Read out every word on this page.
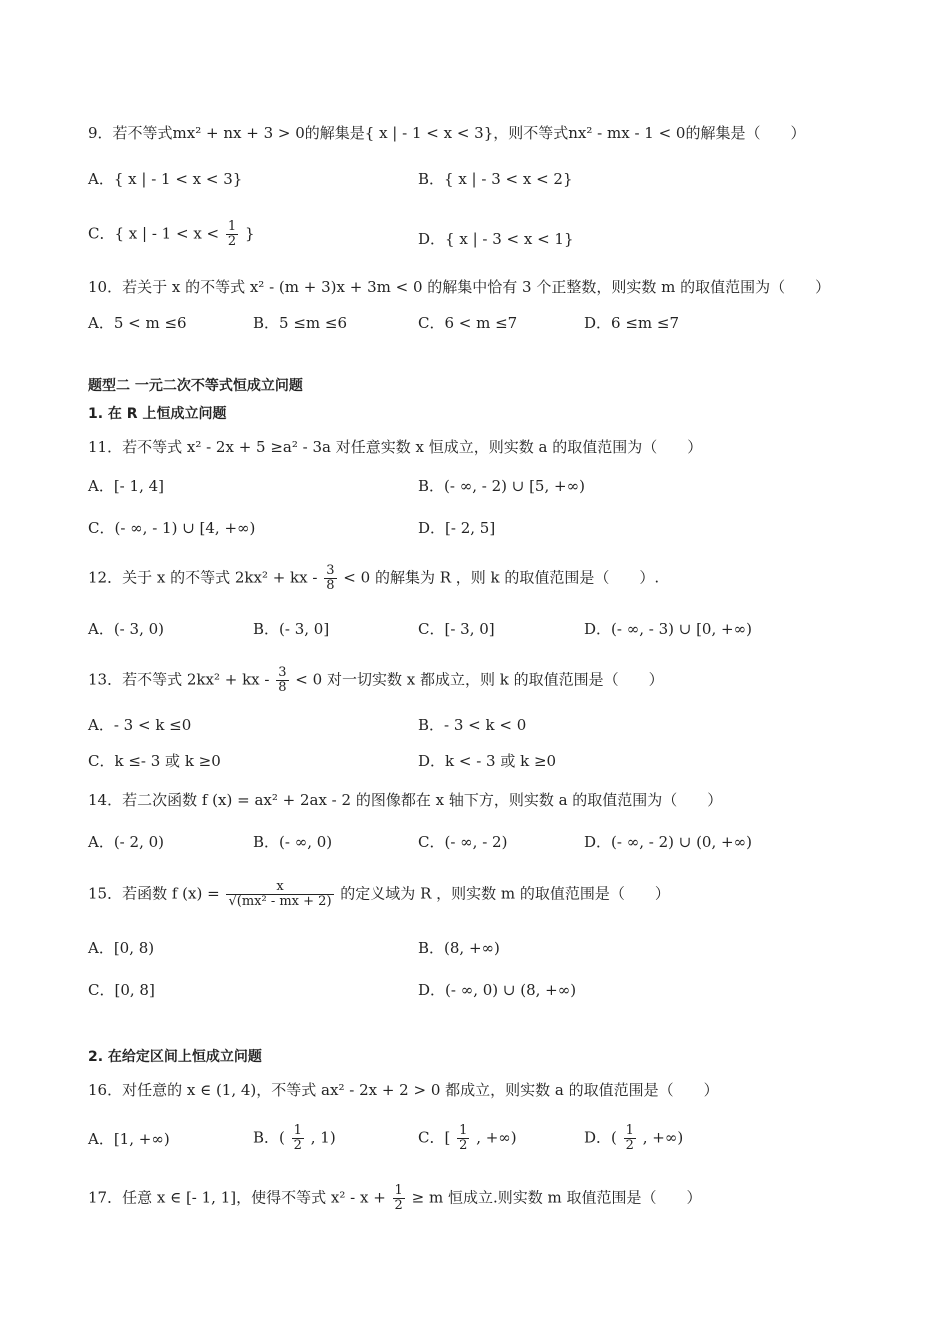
9．若不等式mx² + nx + 3 > 0的解集是{ x | - 1 < x < 3}，则不等式nx² - mx - 1 < 0的解集是（　　）
A．{ x | - 1 < x < 3}	B．{ x | - 3 < x < 2}
C．{ x | - $1 < x < \frac{1}{2}$ }	D．{ x | - 3 < x < 1}
10．若关于 x 的不等式 x² - (m + 3)x + 3m < 0 的解集中恰有 3 个正整数，则实数 m 的取值范围为（　　）
A．5 < m ≤6	B．5 ≤m ≤6	C．6 < m ≤7	D．6 ≤m ≤7
题型二 一元二次不等式恒成立问题
1. 在 R 上恒成立问题
11．若不等式 x² - 2x + 5 ≥a² - 3a 对任意实数 x 恒成立，则实数 a 的取值范围为（　　）
A．[- 1, 4]	B．(- ∞, - 2) ∪ [5, +∞)
C．(- ∞, - 1) ∪ [4, +∞)	D．[- 2, 5]
12．关于 x 的不等式 2kx² + kx - $\frac{3}{8} < 0$ 的解集为 R ，则 k 的取值范围是（　　）.
A．(- 3, 0)	B．(- 3, 0]	C．[- 3, 0]	D．(- ∞, - 3) ∪ [0, +∞)
13．若不等式 2kx² + kx - $\frac{3}{8} < 0$ 对一切实数 x 都成立，则 k 的取值范围是（　　）
A．- 3 < k ≤0	B．- 3 < k < 0
C．k ≤- 3 或 k ≥0	D．k < - 3 或 k ≥0
14．若二次函数 f (x) = ax² + 2ax - 2 的图像都在 x 轴下方，则实数 a 的取值范围为（　　）
A．(- 2, 0)	B．(- ∞, 0)	C．(- ∞, - 2)	D．(- ∞, - 2) ∪ (0, +∞)
15．若函数 f $(x) = \frac{x}{\text{√(mx² - mx + 2)}}$ 的定义域为 R ，则实数 m 的取值范围是（　　）
A．[0, 8)	B．(8, +∞)
C．[0, 8]	D．(- ∞, 0) ∪ (8, +∞)
2. 在给定区间上恒成立问题
16．对任意的 x ∈ (1, 4)，不等式 ax² - 2x + 2 > 0 都成立，则实数 a 的取值范围是（　　）
A．[1, +∞)	B．( $\frac{1}{2}$ , 1)	C．[ $\frac{1}{2}$ , +∞)	D．( $\frac{1}{2}$ , +∞)
17．任意 x ∈ [- 1, 1]，使得不等式 $x^2 - x + \frac{1}{2} \ge m$ 恒成立.则实数 m 取值范围是（　　）
